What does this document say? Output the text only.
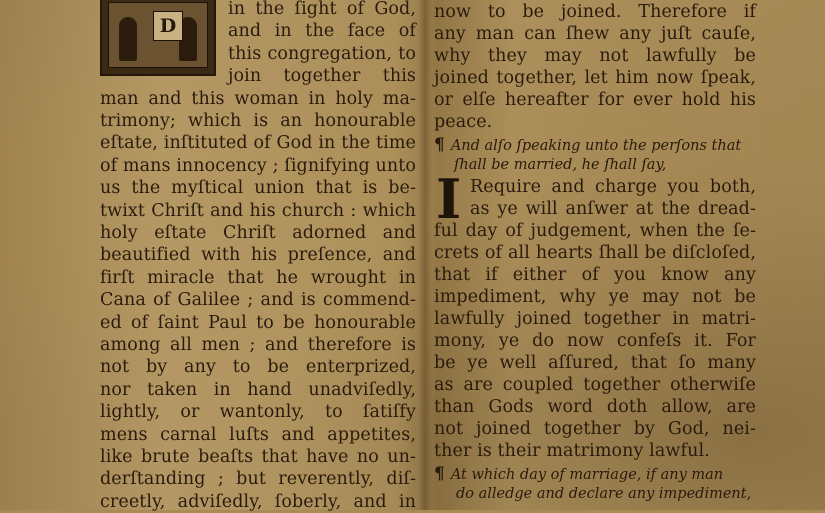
D
in the ſight of God,
and in the face of
this congregation, to
join together this
man and this woman in holy ma-
trimony; which is an honourable
eſtate, inſtituted of God in the time
of mans innocency ; ſignifying unto
us the myſtical union that is be-
twixt Chriſt and his church : which
holy eſtate Chriſt adorned and
beautified with his preſence, and
firſt miracle that he wrought in
Cana of Galilee ; and is commend-
ed of ſaint Paul to be honourable
among all men ; and therefore is
not by any to be enterprized,
nor taken in hand unadviſedly,
lightly, or wantonly, to ſatiſfy
mens carnal luſts and appetites,
like brute beaſts that have no un-
derſtanding ; but reverently, diſ-
creetly, adviſedly, ſoberly, and in
now to be joined. Therefore if
any man can ſhew any juſt cauſe,
why they may not lawfully be
joined together, let him now ſpeak,
or elſe hereafter for ever hold his
peace.
¶ And alſo ſpeaking unto the perſons that
ſhall be married, he ſhall ſay,
Require and charge you both,
as ye will anſwer at the dread-
ful day of judgement, when the ſe-
crets of all hearts ſhall be diſcloſed,
that if either of you know any
impediment, why ye may not be
lawfully joined together in matri-
mony, ye do now confeſs it. For
be ye well aſſured, that ſo many
as are coupled together otherwiſe
than Gods word doth allow, are
not joined together by God, nei-
ther is their matrimony lawful.
¶ At which day of marriage, if any man
do alledge and declare any impediment,
I
